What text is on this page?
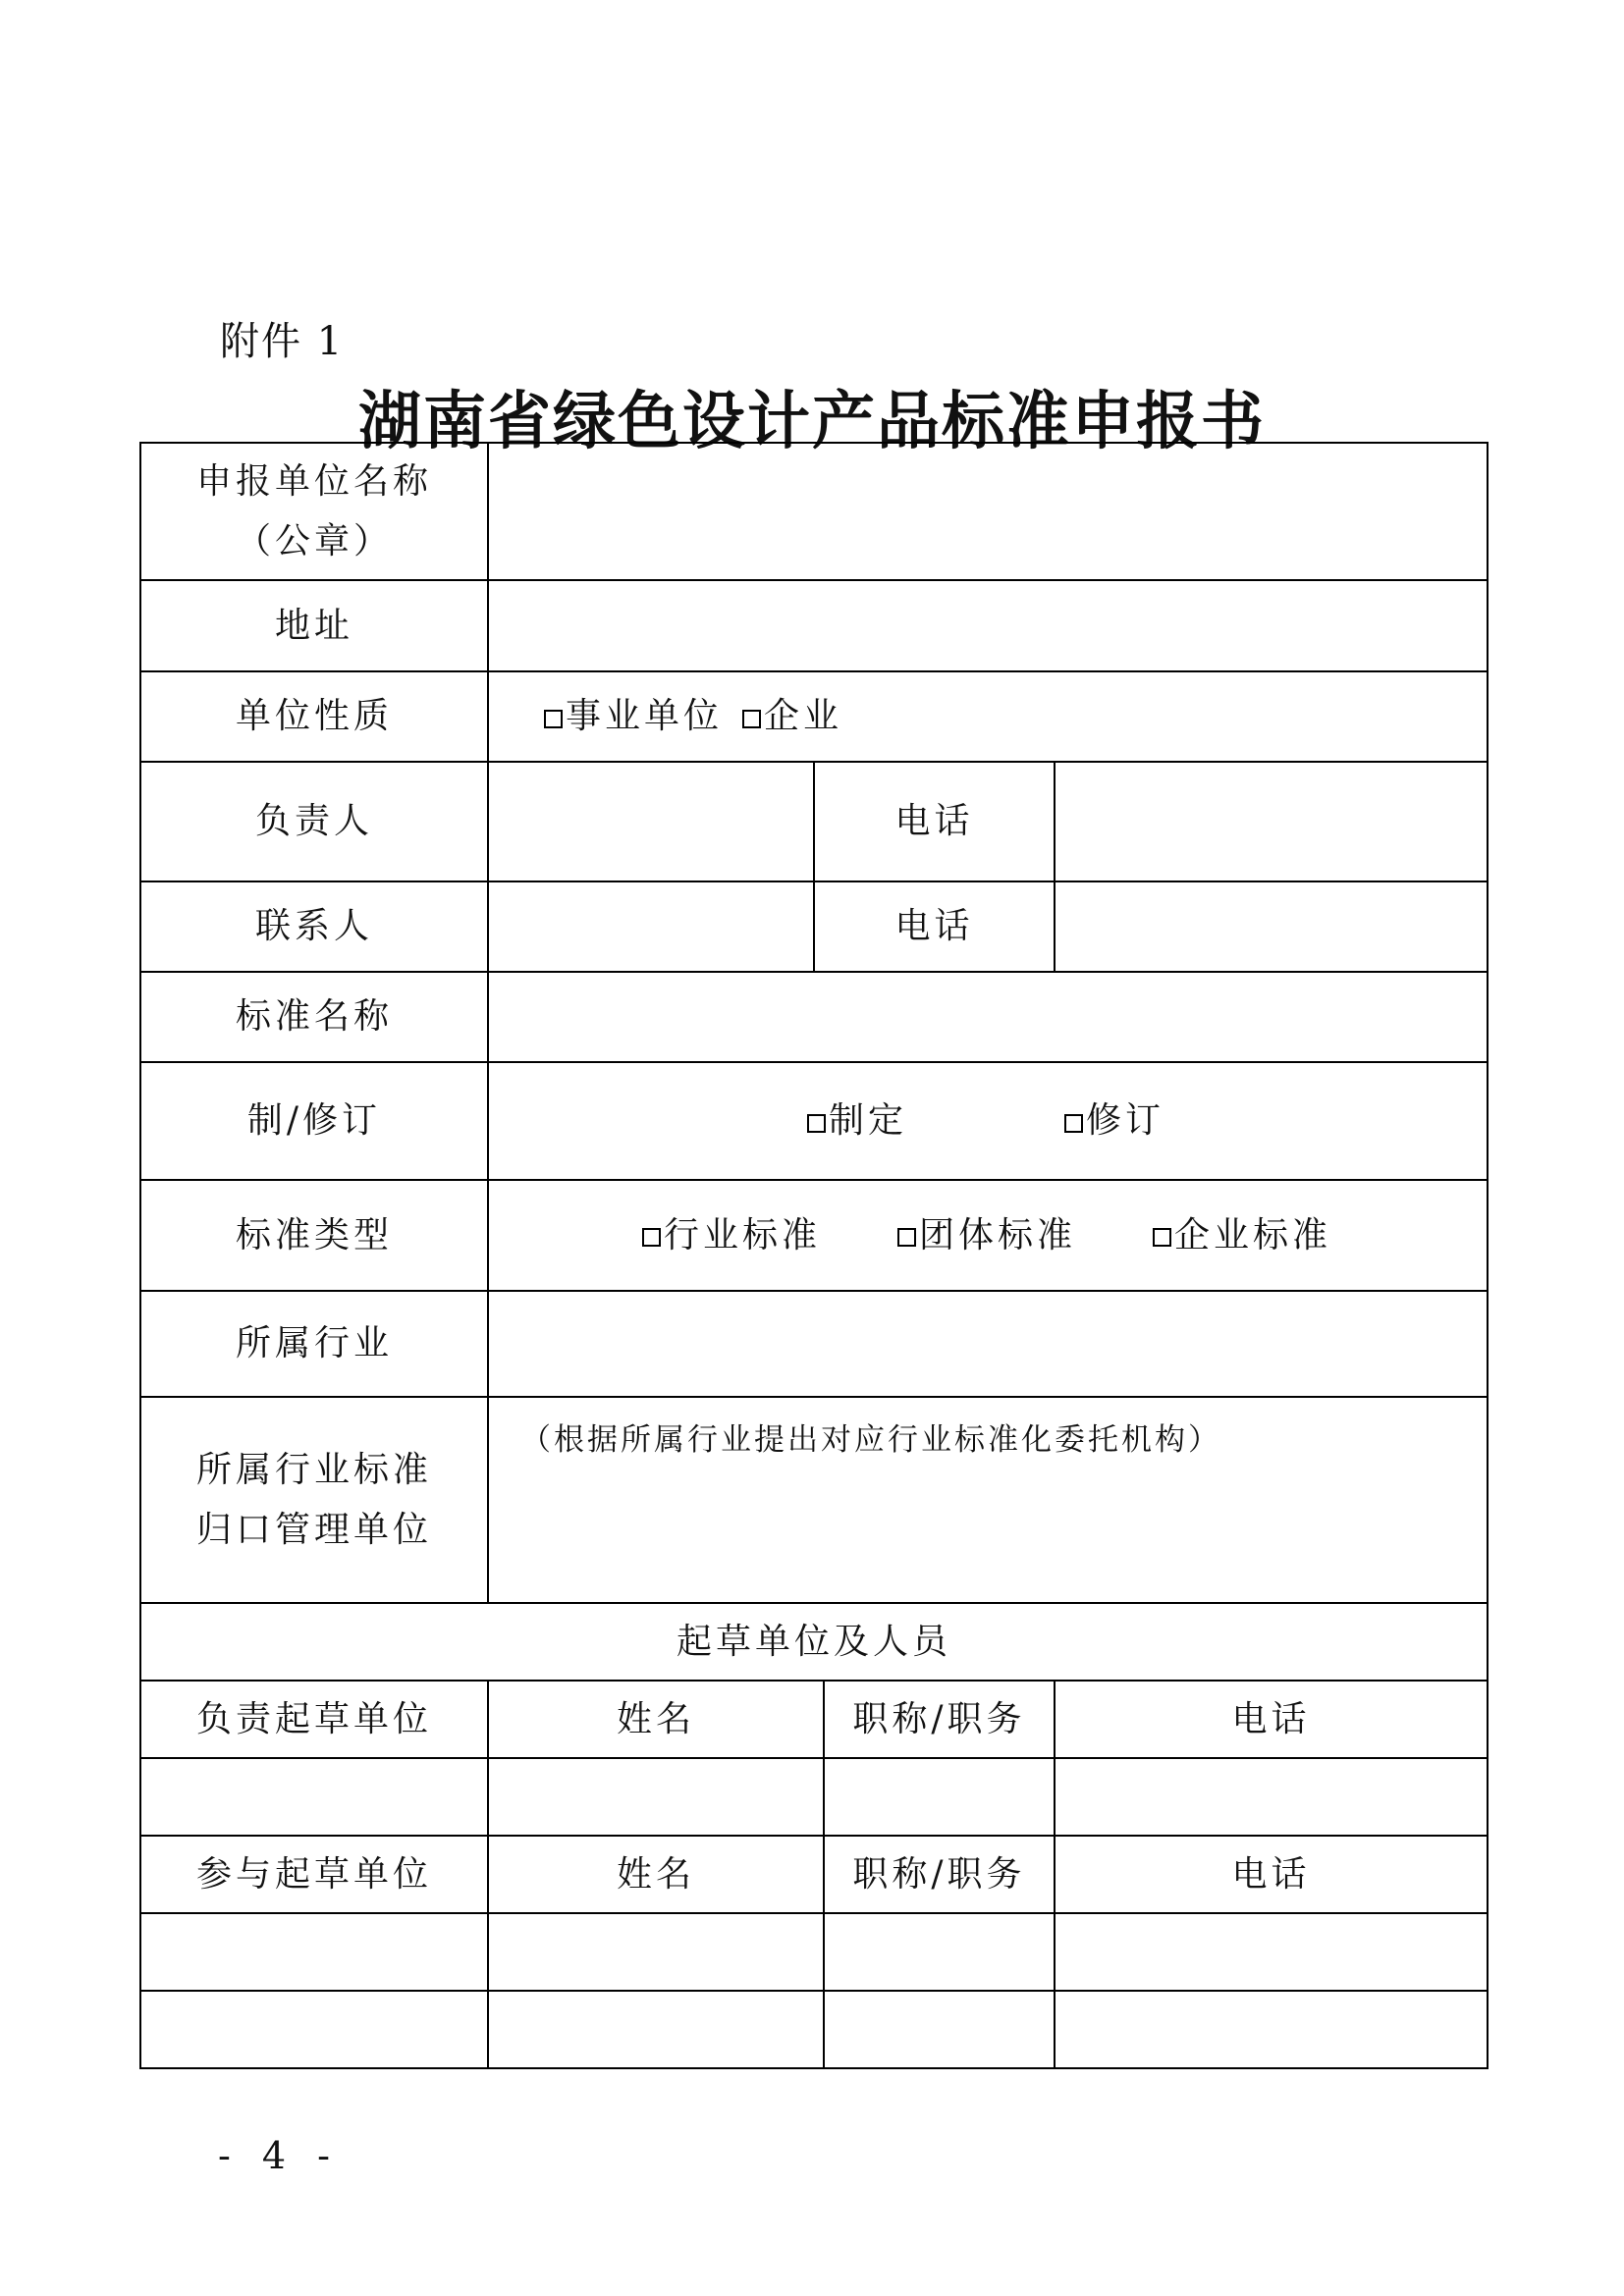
附件 1
湖南省绿色设计产品标准申报书
申报单位名称
（公章）				

地址				
单位性质	事业单位 企业			

负责人		电话		
联系人		电话		
标准名称				
制/修订	制定 修订			

标准类型	行业标准 团体标准 企业标准			

所属行业				

所属行业标准
归口管理单位	（根据所属行业提出对应行业标准化委托机构）			

起草单位及人员				
负责起草单位	姓名		职称/职务	电话

参与起草单位	姓名		职称/职务	电话

- 4 -
